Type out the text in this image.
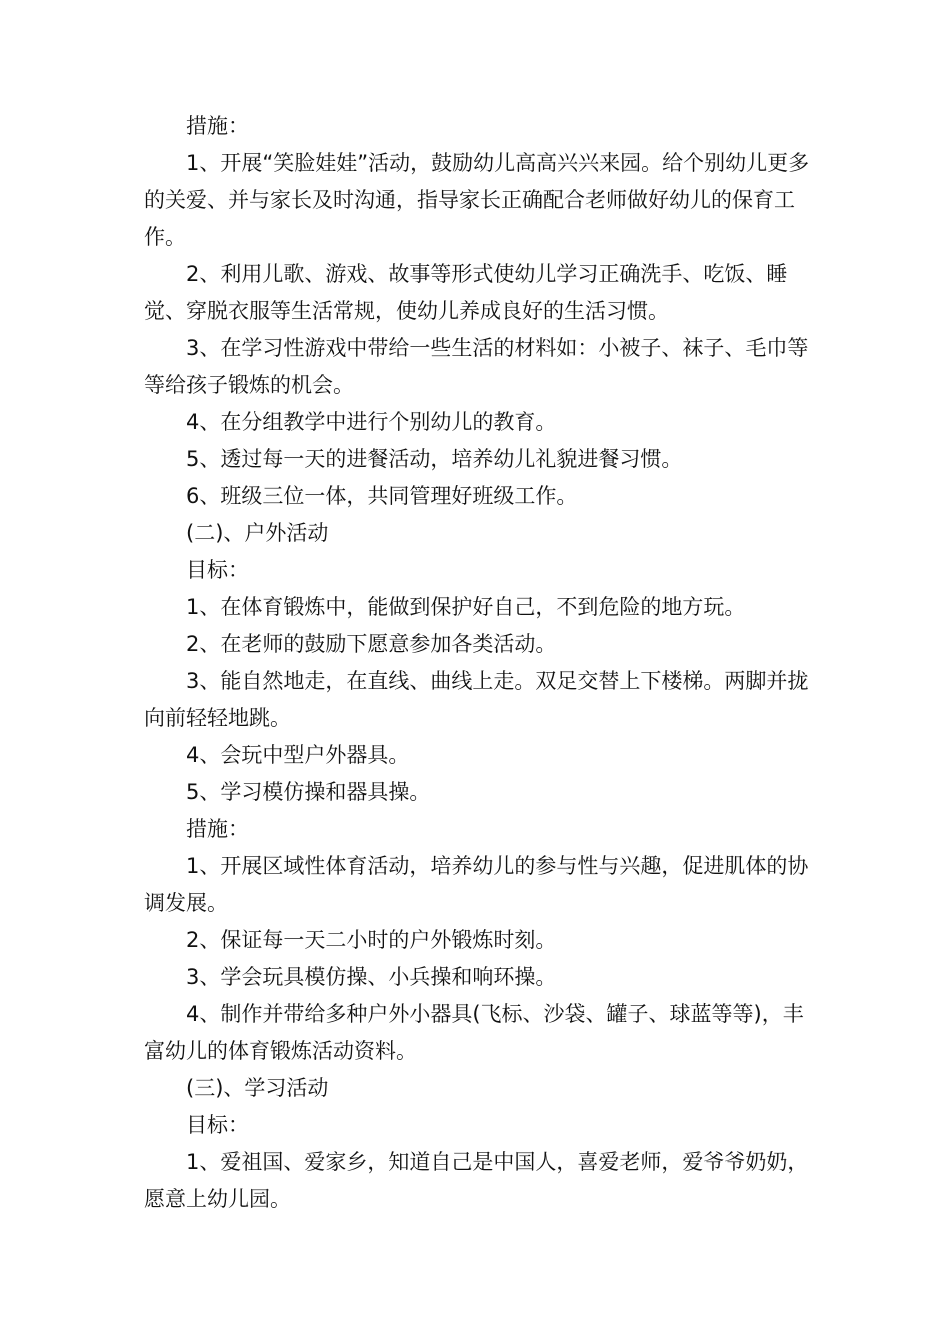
措施：

1、开展“笑脸娃娃”活动，鼓励幼儿高高兴兴来园。给个别幼儿更多的关爱、并与家长及时沟通，指导家长正确配合老师做好幼儿的保育工作。

2、利用儿歌、游戏、故事等形式使幼儿学习正确洗手、吃饭、睡觉、穿脱衣服等生活常规，使幼儿养成良好的生活习惯。

3、在学习性游戏中带给一些生活的材料如：小被子、袜子、毛巾等等给孩子锻炼的机会。

4、在分组教学中进行个别幼儿的教育。

5、透过每一天的进餐活动，培养幼儿礼貌进餐习惯。

6、班级三位一体，共同管理好班级工作。

(二)、户外活动

目标：

1、在体育锻炼中，能做到保护好自己，不到危险的地方玩。

2、在老师的鼓励下愿意参加各类活动。

3、能自然地走，在直线、曲线上走。双足交替上下楼梯。两脚并拢向前轻轻地跳。

4、会玩中型户外器具。

5、学习模仿操和器具操。

措施：

1、开展区域性体育活动，培养幼儿的参与性与兴趣，促进肌体的协调发展。

2、保证每一天二小时的户外锻炼时刻。

3、学会玩具模仿操、小兵操和响环操。

4、制作并带给多种户外小器具(飞标、沙袋、罐子、球蓝等等)，丰富幼儿的体育锻炼活动资料。

(三)、学习活动

目标：

1、爱祖国、爱家乡，知道自己是中国人，喜爱老师，爱爷爷奶奶，愿意上幼儿园。
